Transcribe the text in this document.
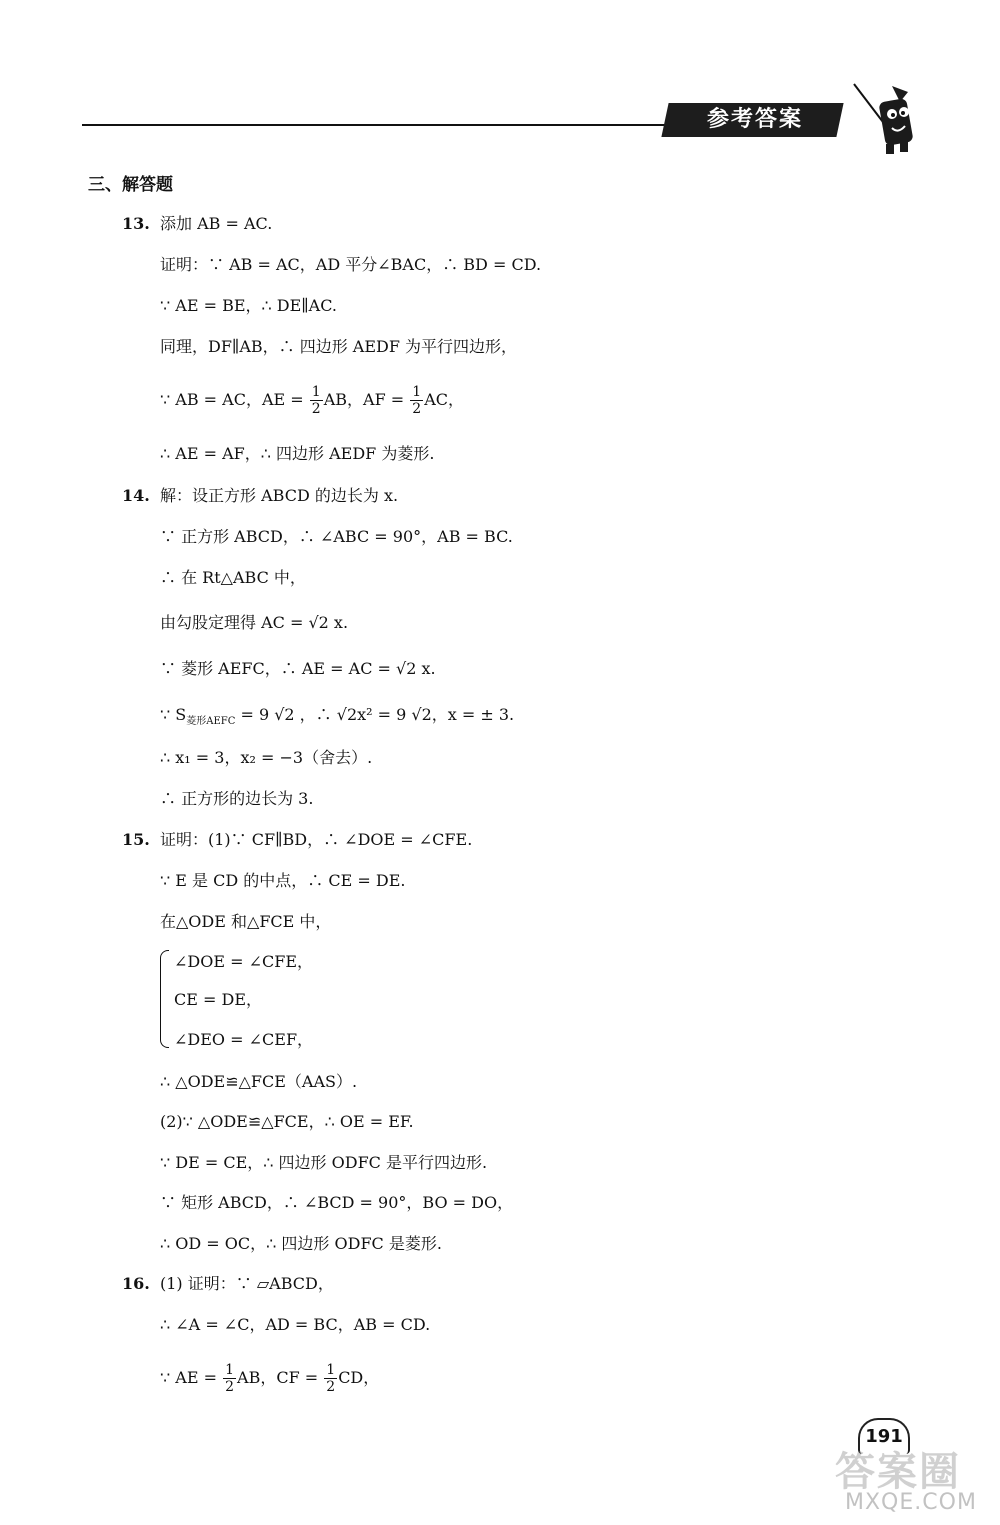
参考答案
三、解答题
13. 添加 AB = AC.
证明：∵ AB = AC，AD 平分∠BAC，∴ BD = CD.
∵ AE = BE，∴ DE∥AC.
同理，DF∥AB，∴ 四边形 AEDF 为平行四边形，
∵ AB = AC，AE = $\frac{1}{2}$ AB，AF = $\frac{1}{2}$ AC，
∴ AE = AF，∴ 四边形 AEDF 为菱形.
14. 解：设正方形 ABCD 的边长为 x.
∵ 正方形 ABCD，∴ ∠ABC = 90°，AB = BC.
∴ 在 Rt△ABC 中，
由勾股定理得 AC = √2 x.
∵ 菱形 AEFC，∴ AE = AC = √2 x.
∵ $S_{菱形AEFC} = 9$ √2 ，∴ √2x² = 9 √2，x = ± 3.
∴ x₁ = 3，x₂ = −3（舍去）.
∴ 正方形的边长为 3.
15. 证明：(1)∵ CF∥BD，∴ ∠DOE = ∠CFE.
∵ E 是 CD 的中点，∴ CE = DE.
在△ODE 和△FCE 中，
∠DOE = ∠CFE，
CE = DE，
∠DEO = ∠CEF，
∴ △ODE≌△FCE（AAS）.
(2)∵ △ODE≌△FCE，∴ OE = EF.
∵ DE = CE，∴ 四边形 ODFC 是平行四边形.
∵ 矩形 ABCD，∴ ∠BCD = 90°，BO = DO，
∴ OD = OC，∴ 四边形 ODFC 是菱形.
16. (1) 证明：∵ ▱ABCD，
∴ ∠A = ∠C，AD = BC，AB = CD.
∵ AE = $\frac{1}{2}$ AB，CF = $\frac{1}{2}$ CD，
191
答案圈
MXQE.COM
